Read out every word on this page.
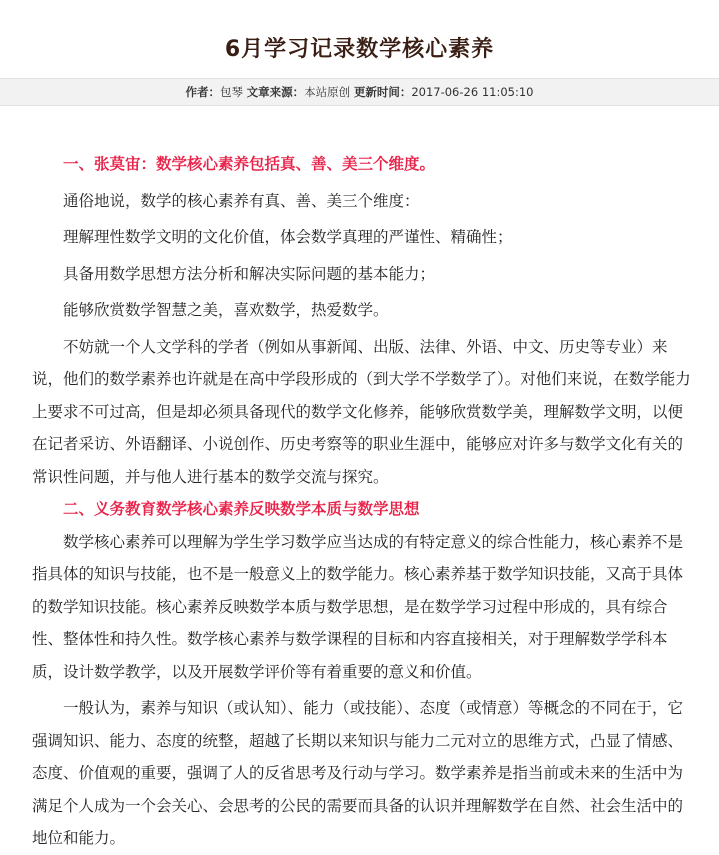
6月学习记录数学核心素养
作者：包琴 文章来源：本站原创 更新时间：2017-06-26 11:05:10
一、张莫宙：数学核心素养包括真、善、美三个维度。

通俗地说，数学的核心素养有真、善、美三个维度：

理解理性数学文明的文化价值，体会数学真理的严谨性、精确性；

具备用数学思想方法分析和解决实际问题的基本能力；

能够欣赏数学智慧之美，喜欢数学，热爱数学。

不妨就一个人文学科的学者（例如从事新闻、出版、法律、外语、中文、历史等专业）来说，他们的数学素养也许就是在高中学段形成的（到大学不学数学了）。对他们来说，在数学能力上要求不可过高，但是却必须具备现代的数学文化修养，能够欣赏数学美，理解数学文明，以便在记者采访、外语翻译、小说创作、历史考察等的职业生涯中，能够应对许多与数学文化有关的常识性问题，并与他人进行基本的数学交流与探究。

二、义务教育数学核心素养反映数学本质与数学思想

数学核心素养可以理解为学生学习数学应当达成的有特定意义的综合性能力，核心素养不是指具体的知识与技能，也不是一般意义上的数学能力。核心素养基于数学知识技能，又高于具体的数学知识技能。核心素养反映数学本质与数学思想，是在数学学习过程中形成的，具有综合性、整体性和持久性。数学核心素养与数学课程的目标和内容直接相关，对于理解数学学科本质，设计数学教学，以及开展数学评价等有着重要的意义和价值。

一般认为，素养与知识（或认知）、能力（或技能）、态度（或情意）等概念的不同在于，它强调知识、能力、态度的统整，超越了长期以来知识与能力二元对立的思维方式，凸显了情感、态度、价值观的重要，强调了人的反省思考及行动与学习。数学素养是指当前或未来的生活中为满足个人成为一个会关心、会思考的公民的需要而具备的认识并理解数学在自然、社会生活中的地位和能力。
